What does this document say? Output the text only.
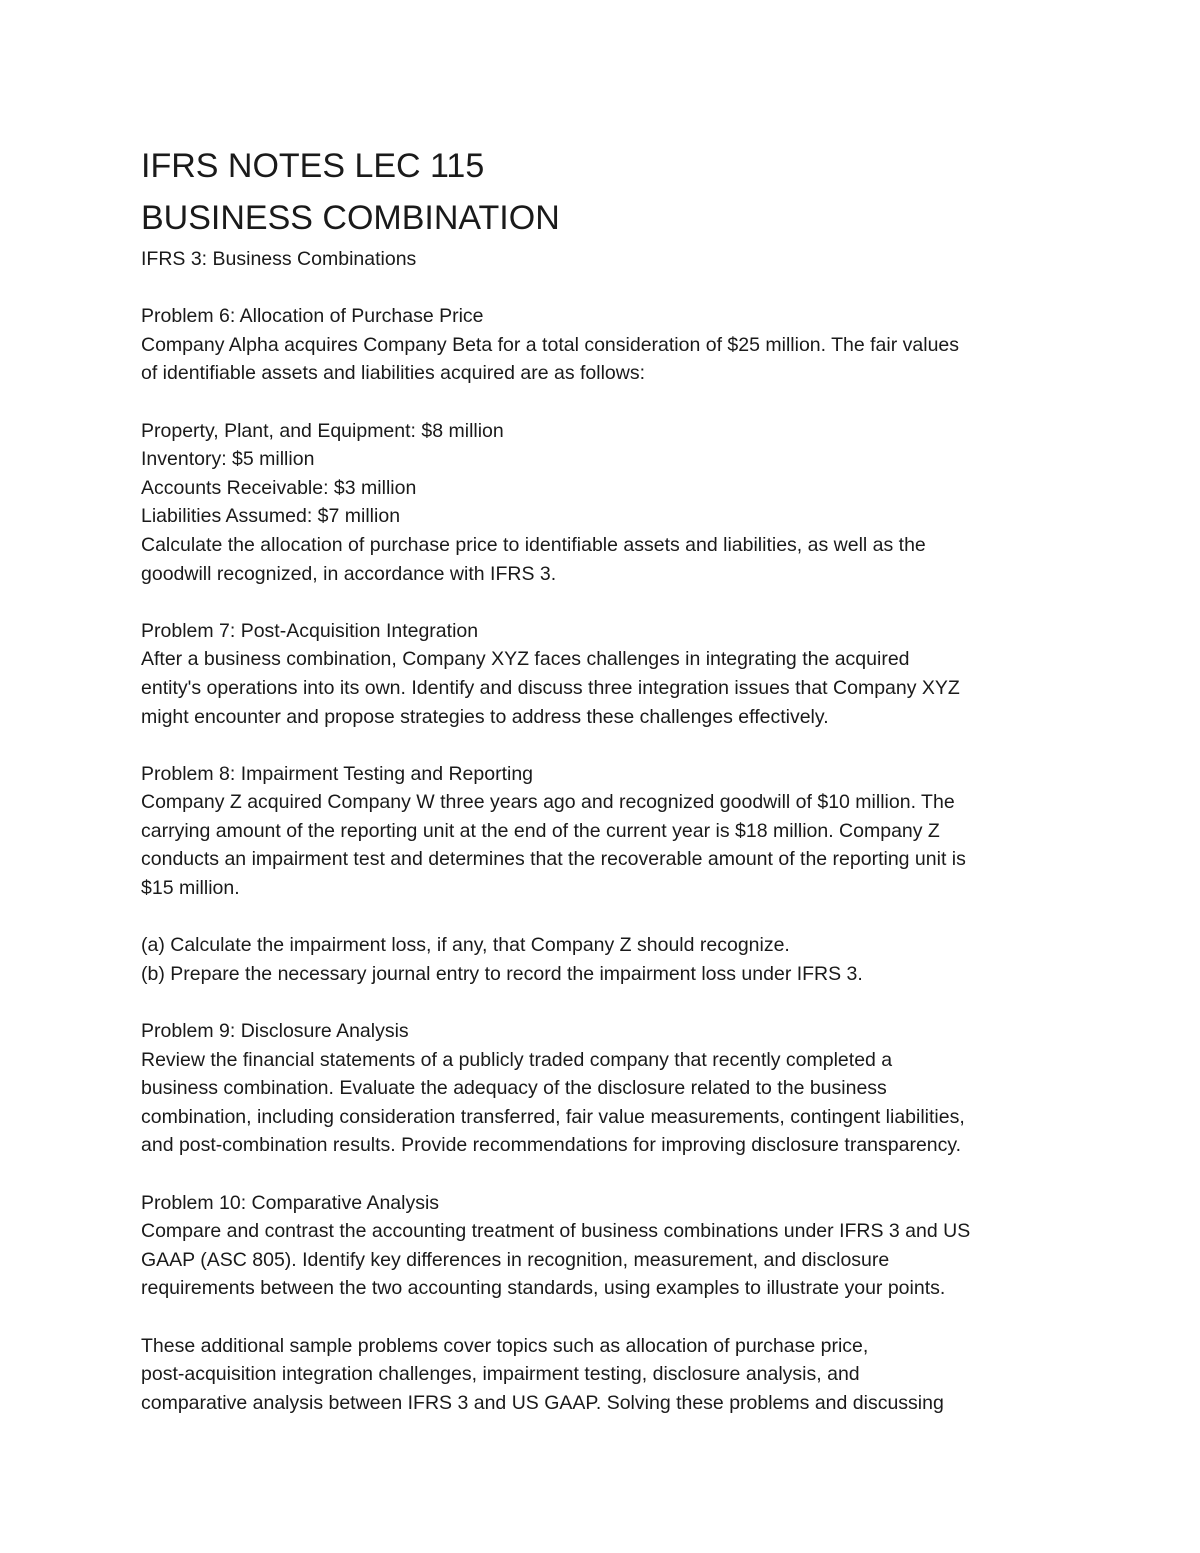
IFRS NOTES LEC 115
BUSINESS COMBINATION

IFRS 3: Business Combinations

Problem 6: Allocation of Purchase Price

Company Alpha acquires Company Beta for a total consideration of $25 million. The fair values

of identifiable assets and liabilities acquired are as follows:

Property, Plant, and Equipment: $8 million

Inventory: $5 million

Accounts Receivable: $3 million

Liabilities Assumed: $7 million

Calculate the allocation of purchase price to identifiable assets and liabilities, as well as the

goodwill recognized, in accordance with IFRS 3.

Problem 7: Post-Acquisition Integration

After a business combination, Company XYZ faces challenges in integrating the acquired

entity's operations into its own. Identify and discuss three integration issues that Company XYZ

might encounter and propose strategies to address these challenges effectively.

Problem 8: Impairment Testing and Reporting

Company Z acquired Company W three years ago and recognized goodwill of $10 million. The

carrying amount of the reporting unit at the end of the current year is $18 million. Company Z

conducts an impairment test and determines that the recoverable amount of the reporting unit is

$15 million.

(a) Calculate the impairment loss, if any, that Company Z should recognize.

(b) Prepare the necessary journal entry to record the impairment loss under IFRS 3.

Problem 9: Disclosure Analysis

Review the financial statements of a publicly traded company that recently completed a

business combination. Evaluate the adequacy of the disclosure related to the business

combination, including consideration transferred, fair value measurements, contingent liabilities,

and post-combination results. Provide recommendations for improving disclosure transparency.

Problem 10: Comparative Analysis

Compare and contrast the accounting treatment of business combinations under IFRS 3 and US

GAAP (ASC 805). Identify key differences in recognition, measurement, and disclosure

requirements between the two accounting standards, using examples to illustrate your points.

These additional sample problems cover topics such as allocation of purchase price,

post-acquisition integration challenges, impairment testing, disclosure analysis, and

comparative analysis between IFRS 3 and US GAAP. Solving these problems and discussing
